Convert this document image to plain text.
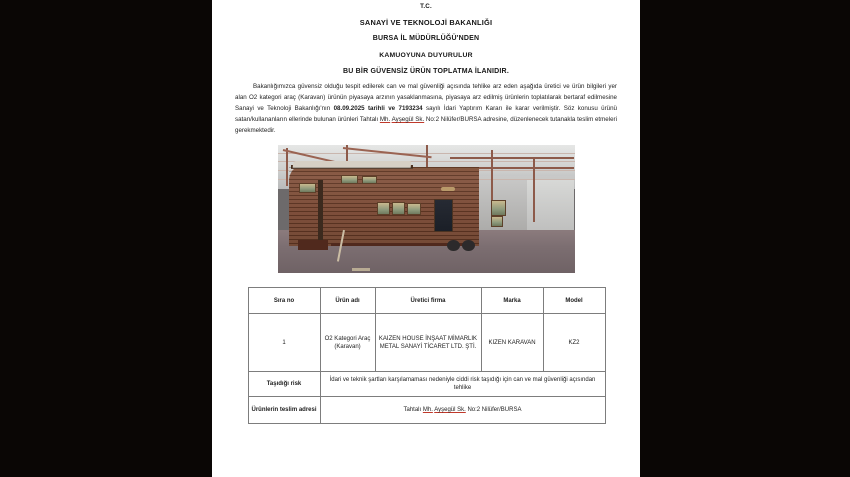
T.C.
SANAYİ VE TEKNOLOJİ BAKANLIĞI
BURSA İL MÜDÜRLÜĞÜ'NDEN
KAMUOYUNA DUYURULUR
BU BİR GÜVENSİZ ÜRÜN TOPLATMA İLANIDIR.

Bakanlığımızca güvensiz olduğu tespit edilerek can ve mal güvenliği açısında tehlike arz eden aşağıda üretici ve ürün bilgileri yer alan O2 kategori araç (Karavan) ürünün piyasaya arzının yasaklanmasına, piyasaya arz edilmiş ürünlerin toplatılarak bertaraf edilmesine Sanayi ve Teknoloji Bakanlığı'nın 08.09.2025 tarihli ve 7193234 sayılı İdari Yaptırım Kararı ile karar verilmiştir. Söz konusu ürünü satan/kullananların ellerinde bulunan ürünleri Tahtalı Mh. Ayşegül Sk. No:2 Nilüfer/BURSA adresine, düzenlenecek tutanakla teslim etmeleri gerekmektedir.

Sıra no	Ürün adı	Üretici firma	Marka	Model
1	O2 Kategori Araç (Karavan)	KAIZEN HOUSE İNŞAAT MİMARLIK METAL SANAYİ TİCARET LTD. ŞTİ.	KIZEN KARAVAN	KZ2
Taşıdığı risk	İdari ve teknik şartları karşılamaması nedeniyle ciddi risk taşıdığı için can ve mal güvenliği açısından tehlike			
Ürünlerin teslim adresi	Tahtalı Mh. Ayşegül Sk. No:2 Nilüfer/BURSA			
